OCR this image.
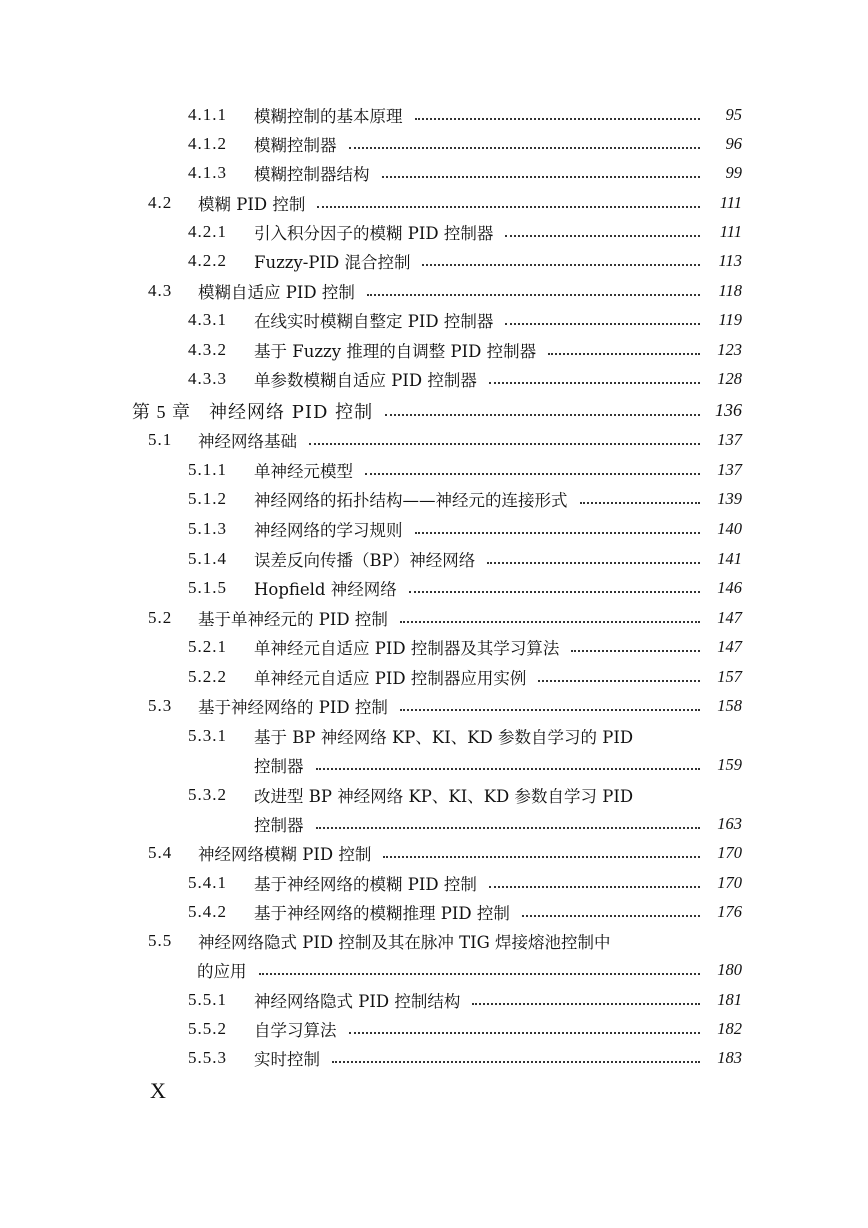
4.1.1	模糊控制的基本原理	95
4.1.2	模糊控制器	96
4.1.3	模糊控制器结构	99
4.2	模糊 PID 控制	111
4.2.1	引入积分因子的模糊 PID 控制器	111
4.2.2	Fuzzy-PID 混合控制	113
4.3	模糊自适应 PID 控制	118
4.3.1	在线实时模糊自整定 PID 控制器	119
4.3.2	基于 Fuzzy 推理的自调整 PID 控制器	123
4.3.3	单参数模糊自适应 PID 控制器	128
第 5 章 神经网络 PID 控制	136
5.1	神经网络基础	137
5.1.1	单神经元模型	137
5.1.2	神经网络的拓扑结构——神经元的连接形式	139
5.1.3	神经网络的学习规则	140
5.1.4	误差反向传播（BP）神经网络	141
5.1.5	Hopfield 神经网络	146
5.2	基于单神经元的 PID 控制	147
5.2.1	单神经元自适应 PID 控制器及其学习算法	147
5.2.2	单神经元自适应 PID 控制器应用实例	157
5.3	基于神经网络的 PID 控制	158
5.3.1	基于 BP 神经网络 KP、KI、KD 参数自学习的 PID
控制器	159
5.3.2	改进型 BP 神经网络 KP、KI、KD 参数自学习 PID
控制器	163
5.4	神经网络模糊 PID 控制	170
5.4.1	基于神经网络的模糊 PID 控制	170
5.4.2	基于神经网络的模糊推理 PID 控制	176
5.5	神经网络隐式 PID 控制及其在脉冲 TIG 焊接熔池控制中
的应用	180
5.5.1	神经网络隐式 PID 控制结构	181
5.5.2	自学习算法	182
5.5.3	实时控制	183
X
